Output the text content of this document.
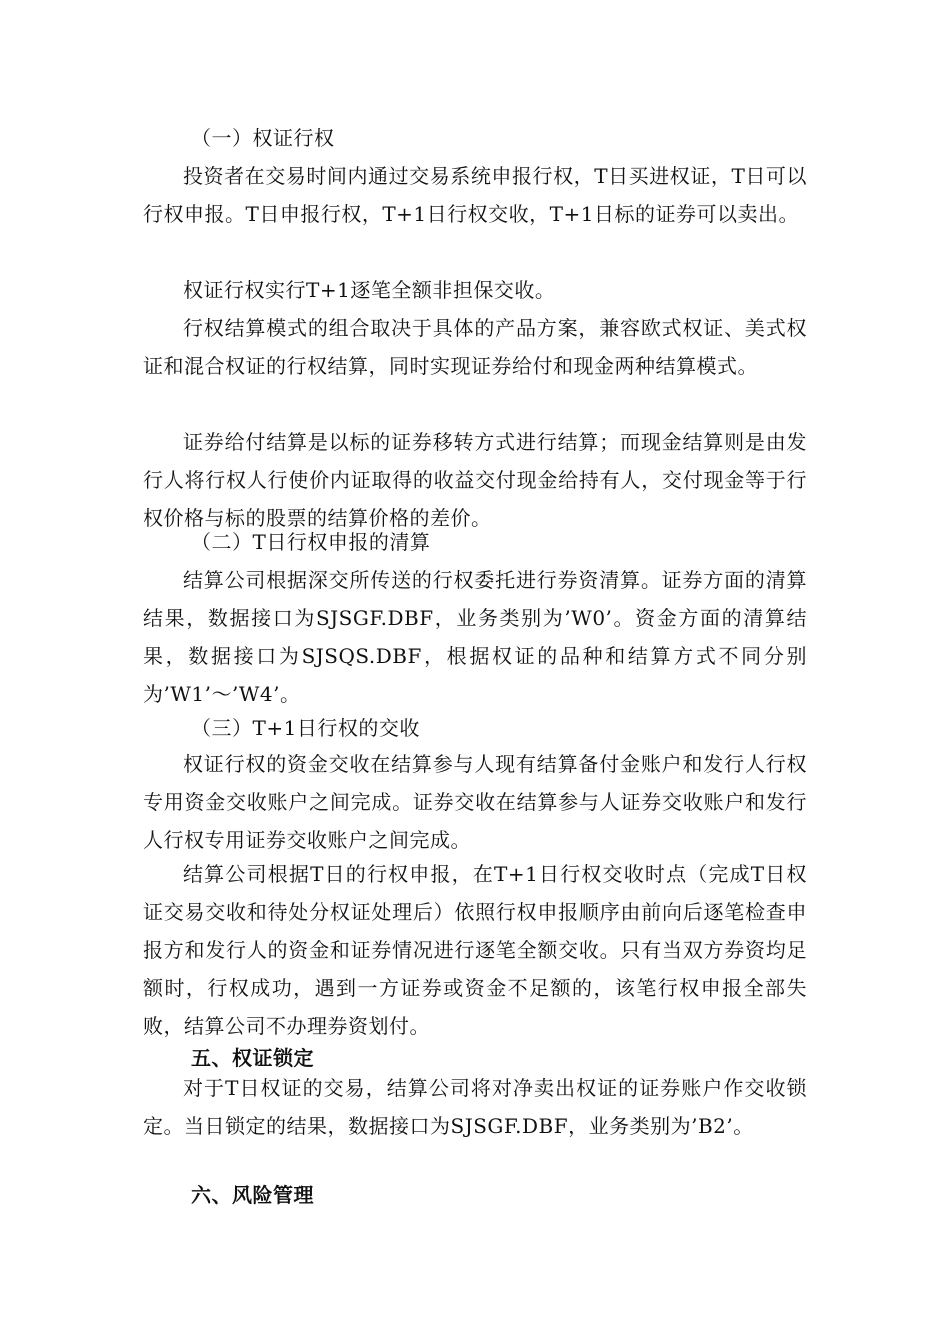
（一）权证行权

投资者在交易时间内通过交易系统申报行权，T日买进权证，T日可以行权申报。T日申报行权，T+1日行权交收，T+1日标的证券可以卖出。

权证行权实行T+1逐笔全额非担保交收。

行权结算模式的组合取决于具体的产品方案，兼容欧式权证、美式权证和混合权证的行权结算，同时实现证券给付和现金两种结算模式。

证券给付结算是以标的证券移转方式进行结算；而现金结算则是由发行人将行权人行使价内证取得的收益交付现金给持有人，交付现金等于行权价格与标的股票的结算价格的差价。

（二）T日行权申报的清算

结算公司根据深交所传送的行权委托进行券资清算。证券方面的清算结果，数据接口为SJSGF.DBF，业务类别为’W0’。资金方面的清算结果，数据接口为SJSQS.DBF，根据权证的品种和结算方式不同分别为’W1’～’W4’。

（三）T+1日行权的交收

权证行权的资金交收在结算参与人现有结算备付金账户和发行人行权专用资金交收账户之间完成。证券交收在结算参与人证券交收账户和发行人行权专用证券交收账户之间完成。

结算公司根据T日的行权申报，在T+1日行权交收时点（完成T日权证交易交收和待处分权证处理后）依照行权申报顺序由前向后逐笔检查申报方和发行人的资金和证券情况进行逐笔全额交收。只有当双方券资均足额时，行权成功，遇到一方证券或资金不足额的，该笔行权申报全部失败，结算公司不办理券资划付。

五、权证锁定

对于T日权证的交易，结算公司将对净卖出权证的证券账户作交收锁定。当日锁定的结果，数据接口为SJSGF.DBF，业务类别为’B2’。

六、风险管理
